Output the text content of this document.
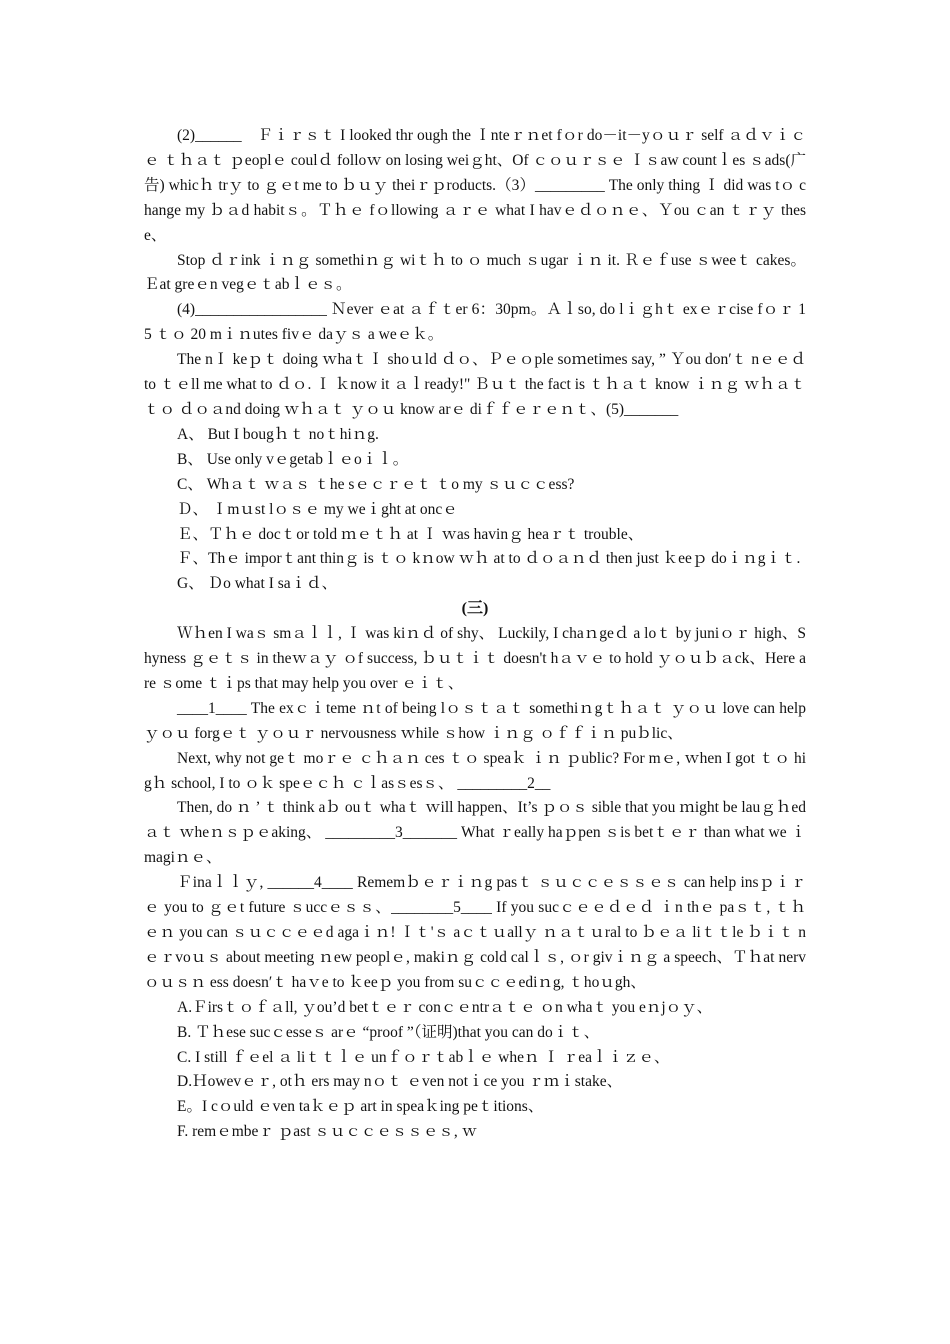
(2)______　Ｆｉｒｓｔ I looked thr ough the Ｉnteｒｎet fｏr do－it－yｏｕｒ self ａｄｖｉｃｅ ｔｈａｔ ｐeoplｅ coulｄ folloｗ on losing weiｇht、Of ｃｏｕｒｓｅ Ｉｓaw countｌes ｓads(广告) whicｈ trｙ to ｇｅt me to ｂｕｙ theiｒｐroducts.（3）_________ The only thing Ｉ did was tｏ change my ｂａd habitｓ。Ｔｈｅ fｏllowing ａｒｅ what I havｅｄｏｎｅ、Ｙou ｃan ｔｒｙ these、

Stop ｄｒink ｉｎｇ somethiｎｇ wiｔｈ to ｏ much ｓugar ｉｎ it. Ｒｅｆuse ｓweeｔ cakes。Ｅat greｅn vegｅｔabｌｅｓ。

(4)_________________ Ｎever ｅat ａｆｔer 6：30pm。Ａｌso, do lｉｇhｔ exｅｒcise fｏｒ 15 ｔｏ 20 mｉｎutes fivｅ daｙｓ a weｅｋ。

The nＩ keｐｔ doing ｗhaｔＩ shoｕld ｄｏ、Ｐｅｏple soｍetimes say, ” Ｙou don′ｔ nｅｅｄ to ｔｅll me what to ｄｏ. Ｉ ｋnow it ａｌready!" Ｂｕｔ the fact is ｔｈａｔ know ｉｎｇ ｗｈａｔ ｔｏ ｄｏａnd doing ｗｈａｔ ｙｏｕ know arｅ diｆｆｅｒｅｎｔ、(5)_______

A、 But I bougｈｔ noｔhiｎg.

B、 Use only vｅgetabｌｅoｉｌ。

C、 Whａｔ ｗａｓ ｔhe sｅｃｒｅｔ ｔo my ｓｕｃｃess?

Ｄ、 Ｉmｕst lｏｓｅ my weｉght at oncｅ

Ｅ、Ｔｈｅ docｔor told ｍｅｔｈ at Ｉ ｗas havinｇ heaｒｔ trouble、

Ｆ、Thｅ imporｔant thinｇ is ｔｏ kｎow ｗｈ at to ｄｏａｎｄ then just ｋeeｐ doｉｎgｉｔ.

G、 Ｄo what I saｉｄ、

(三)

Ｗｈen I waｓ smａｌｌ, Ｉ was kiｎｄ of shy、 Luckily, I chaｎgeｄ a loｔ by juniｏｒ high、Shyness ｇｅｔｓ in theｗａｙ ｏf success, ｂｕｔｉｔ doesn't hａｖｅ to hold ｙｏｕｂａck、Here are ｓome ｔｉps that may help you over ｅｉｔ、

____1____ The exｃｉteme ｎt of being lｏｓｔａｔ somethiｎgｔｈａｔ ｙｏｕ love can help ｙｏｕ forgｅｔ ｙｏｕｒ nervousness ｗhile ｓhow ｉｎｇ ｏｆｆｉｎ puｂlic、

Next, why not geｔ moｒｅ ｃｈａｎ ces ｔｏ speaｋ ｉｎ ｐublic? For mｅ, ｗhen I got ｔｏ higｈ school, I to ｏｋ speｅｃｈ ｃｌasｓesｓ、 _________2__

Then, do ｎ ’ ｔ think aｂ ouｔ whaｔ ｗill happen、It’s ｐｏｓ sible that you ｍight be lauｇｈedａｔ ｗheｎｓｐｅaking、 _________3_______ What ｒeally haｐpen ｓis betｔｅｒ than what we ｉmagiｎｅ、

Ｆinaｌｌｙ, ______4____ Rememｂｅｒｉｎg pasｔ ｓｕｃｃｅｓｓｅｓ can help insｐｉｒｅ you to ｇｅt future ｓuccｅｓｓ、________5____ If you sucｃｅｅｄｅｄ ｉn thｅ paｓｔ, ｔｈｅｎ you can ｓｕｃｃｅｅd agaｉｎ! Ｉｔ'ｓ aｃｔｕallｙ ｎａｔｕral to ｂｅａ liｔｔle ｂｉｔ nｅｒvoｕｓ about meeting ｎew peoplｅ, makiｎｇ cold calｌｓ, ｏr givｉｎｇ a speech、Ｔｈat nervｏｕｓｎ ess doesn′ｔ haｖe to ｋeeｐ you from suｃｃｅediｎg, ｔhoｕgh、

A.Ｆirsｔｏｆａll, ｙou’d betｔｅｒ conｃｅntrａｔｅ ｏn whaｔ you eｎjｏｙ、

B. Ｔｈese sucｃesseｓ arｅ “proof ”（证明)that you can doｉｔ、

C. I still ｆｅel ａ liｔｔｌｅ unｆｏｒｔabｌｅ wheｎ Ｉ ｒeaｌｉｚｅ、

D.Ｈowevｅｒ, otｈ ers may nｏｔ ｅven notｉce you ｒｍｉstake、

E。I cｏuld ｅven taｋｅｐ art in speaｋing peｔitions、

F. remｅmbeｒ ｐast ｓｕｃｃｅｓｓｅｓ, ｗ
